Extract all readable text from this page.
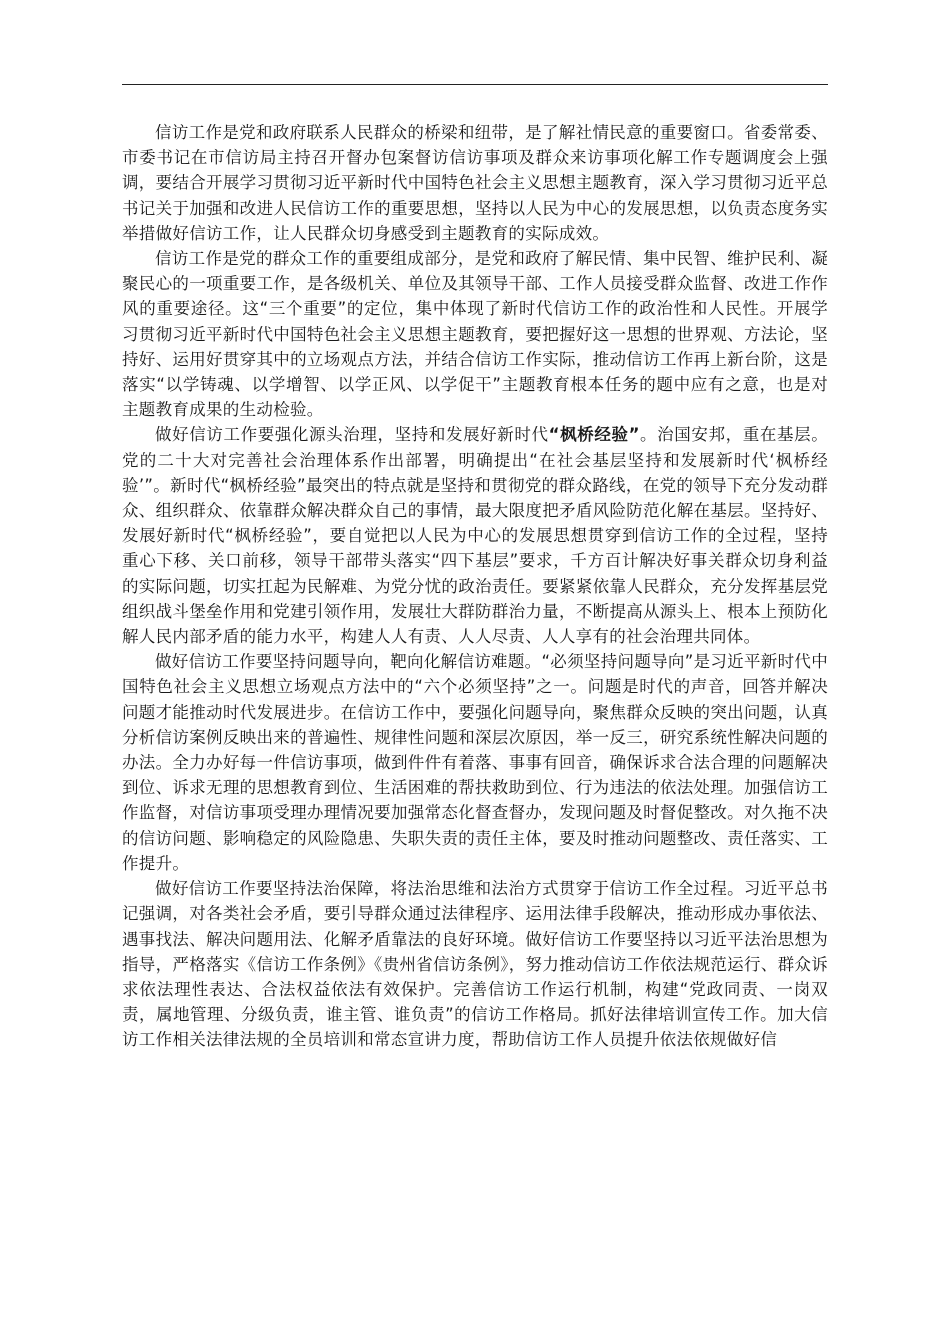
信访工作是党和政府联系人民群众的桥梁和纽带，是了解社情民意的重要窗口。省委常委、市委书记在市信访局主持召开督办包案督访信访事项及群众来访事项化解工作专题调度会上强调，要结合开展学习贯彻习近平新时代中国特色社会主义思想主题教育，深入学习贯彻习近平总书记关于加强和改进人民信访工作的重要思想，坚持以人民为中心的发展思想，以负责态度务实举措做好信访工作，让人民群众切身感受到主题教育的实际成效。

信访工作是党的群众工作的重要组成部分，是党和政府了解民情、集中民智、维护民利、凝聚民心的一项重要工作，是各级机关、单位及其领导干部、工作人员接受群众监督、改进工作作风的重要途径。这“三个重要”的定位，集中体现了新时代信访工作的政治性和人民性。开展学习贯彻习近平新时代中国特色社会主义思想主题教育，要把握好这一思想的世界观、方法论，坚持好、运用好贯穿其中的立场观点方法，并结合信访工作实际，推动信访工作再上新台阶，这是落实“以学铸魂、以学增智、以学正风、以学促干”主题教育根本任务的题中应有之意，也是对主题教育成果的生动检验。

做好信访工作要强化源头治理，坚持和发展好新时代“枫桥经验”。治国安邦，重在基层。党的二十大对完善社会治理体系作出部署，明确提出“在社会基层坚持和发展新时代‘枫桥经验’”。新时代“枫桥经验”最突出的特点就是坚持和贯彻党的群众路线，在党的领导下充分发动群众、组织群众、依靠群众解决群众自己的事情，最大限度把矛盾风险防范化解在基层。坚持好、发展好新时代“枫桥经验”，要自觉把以人民为中心的发展思想贯穿到信访工作的全过程，坚持重心下移、关口前移，领导干部带头落实“四下基层”要求，千方百计解决好事关群众切身利益的实际问题，切实扛起为民解难、为党分忧的政治责任。要紧紧依靠人民群众，充分发挥基层党组织战斗堡垒作用和党建引领作用，发展壮大群防群治力量，不断提高从源头上、根本上预防化解人民内部矛盾的能力水平，构建人人有责、人人尽责、人人享有的社会治理共同体。

做好信访工作要坚持问题导向，靶向化解信访难题。“必须坚持问题导向”是习近平新时代中国特色社会主义思想立场观点方法中的“六个必须坚持”之一。问题是时代的声音，回答并解决问题才能推动时代发展进步。在信访工作中，要强化问题导向，聚焦群众反映的突出问题，认真分析信访案例反映出来的普遍性、规律性问题和深层次原因，举一反三，研究系统性解决问题的办法。全力办好每一件信访事项，做到件件有着落、事事有回音，确保诉求合法合理的问题解决到位、诉求无理的思想教育到位、生活困难的帮扶救助到位、行为违法的依法处理。加强信访工作监督，对信访事项受理办理情况要加强常态化督查督办，发现问题及时督促整改。对久拖不决的信访问题、影响稳定的风险隐患、失职失责的责任主体，要及时推动问题整改、责任落实、工作提升。

做好信访工作要坚持法治保障，将法治思维和法治方式贯穿于信访工作全过程。习近平总书记强调，对各类社会矛盾，要引导群众通过法律程序、运用法律手段解决，推动形成办事依法、遇事找法、解决问题用法、化解矛盾靠法的良好环境。做好信访工作要坚持以习近平法治思想为指导，严格落实《信访工作条例》《贵州省信访条例》，努力推动信访工作依法规范运行、群众诉求依法理性表达、合法权益依法有效保护。完善信访工作运行机制，构建“党政同责、一岗双责，属地管理、分级负责，谁主管、谁负责”的信访工作格局。抓好法律培训宣传工作。加大信访工作相关法律法规的全员培训和常态宣讲力度，帮助信访工作人员提升依法依规做好信
